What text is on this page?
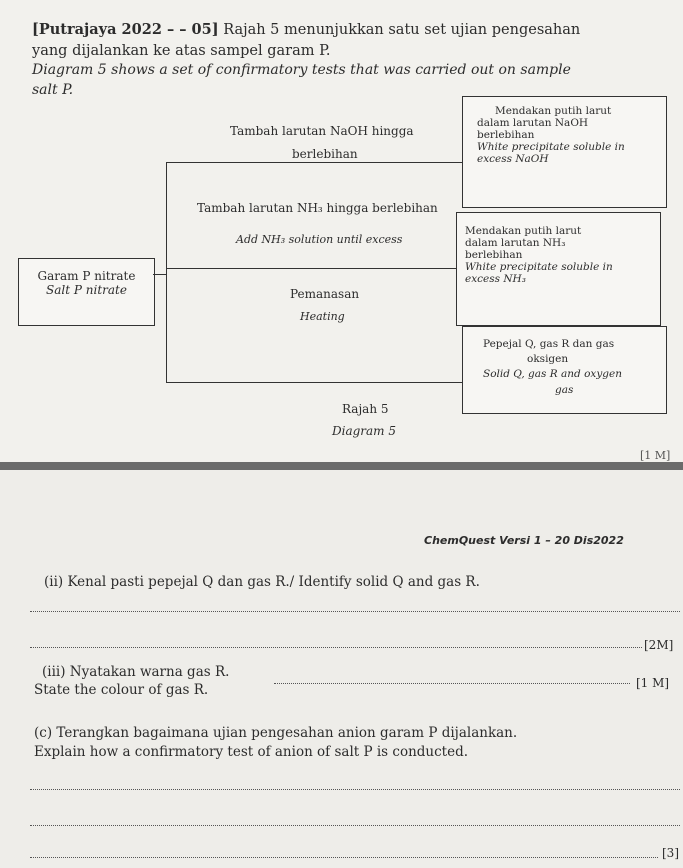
[Putrajaya 2022 – – 05] Rajah 5 menunjukkan satu set ujian pengesahan
yang dijalankan ke atas sampel garam P.
Diagram 5 shows a set of confirmatory tests that was carried out on sample
salt P.
Garam P nitrate
Salt P nitrate
Tambah larutan NaOH hingga
berlebihan
Tambah larutan NH₃ hingga berlebihan
Add NH₃ solution until excess
Pemanasan
Heating
Mendakan putih larut
dalam larutan NaOH
berlebihan
White precipitate soluble in
excess NaOH
Mendakan putih larut
dalam larutan NH₃
berlebihan
White precipitate soluble in
excess NH₃
Pepejal Q, gas R dan gas
oksigen
Solid Q, gas R and oxygen
gas
Rajah 5
Diagram 5
[1 M]
ChemQuest Versi 1 – 20 Dis2022
(ii) Kenal pasti pepejal Q dan gas R./ Identify solid Q and gas R.
[2M]
(iii) Nyatakan warna gas R.
State the colour of gas R.	[1 M]
(c) Terangkan bagaimana ujian pengesahan anion garam P dijalankan.
Explain how a confirmatory test of anion of salt P is conducted.
[3]
